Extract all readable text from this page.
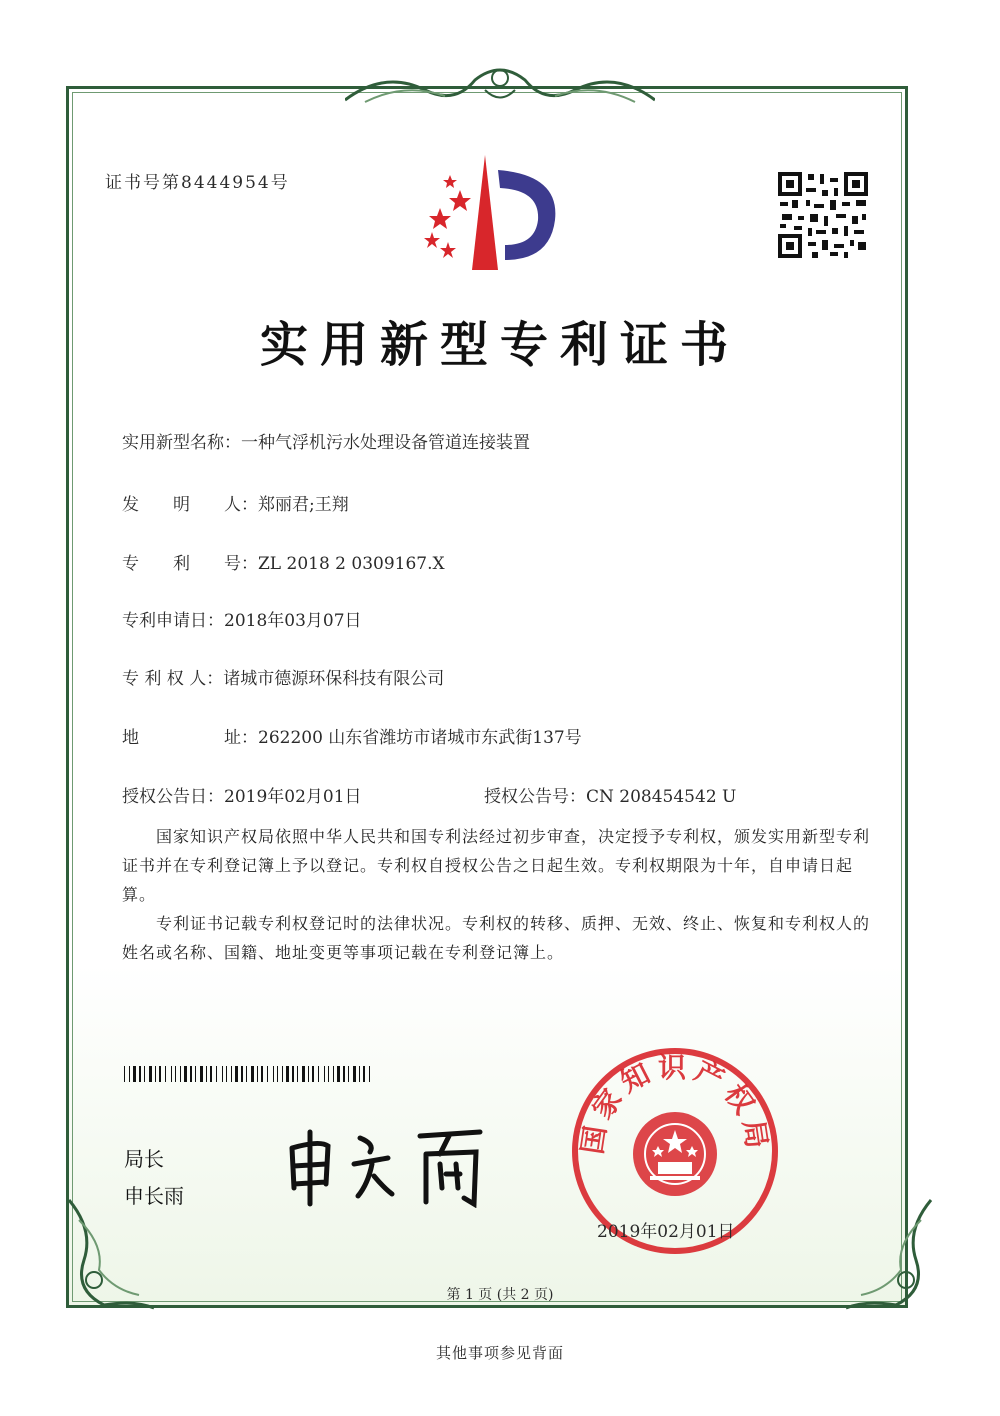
证书号第8444954号
实用新型专利证书
实用新型名称：一种气浮机污水处理设备管道连接装置
发　　明　　人：郑丽君;王翔
专　　利　　号：ZL 2018 2 0309167.X
专利申请日：2018年03月07日
专 利 权 人：诸城市德源环保科技有限公司
地　　　　　址：262200 山东省潍坊市诸城市东武街137号
授权公告日：2019年02月01日	授权公告号：CN 208454542 U
国家知识产权局依照中华人民共和国专利法经过初步审查，决定授予专利权，颁发实用新型专利证书并在专利登记簿上予以登记。专利权自授权公告之日起生效。专利权期限为十年，自申请日起算。
专利证书记载专利权登记时的法律状况。专利权的转移、质押、无效、终止、恢复和专利权人的姓名或名称、国籍、地址变更等事项记载在专利登记簿上。
局长
申长雨
国家知识产权局
2019年02月01日
第 1 页 (共 2 页)
其他事项参见背面
